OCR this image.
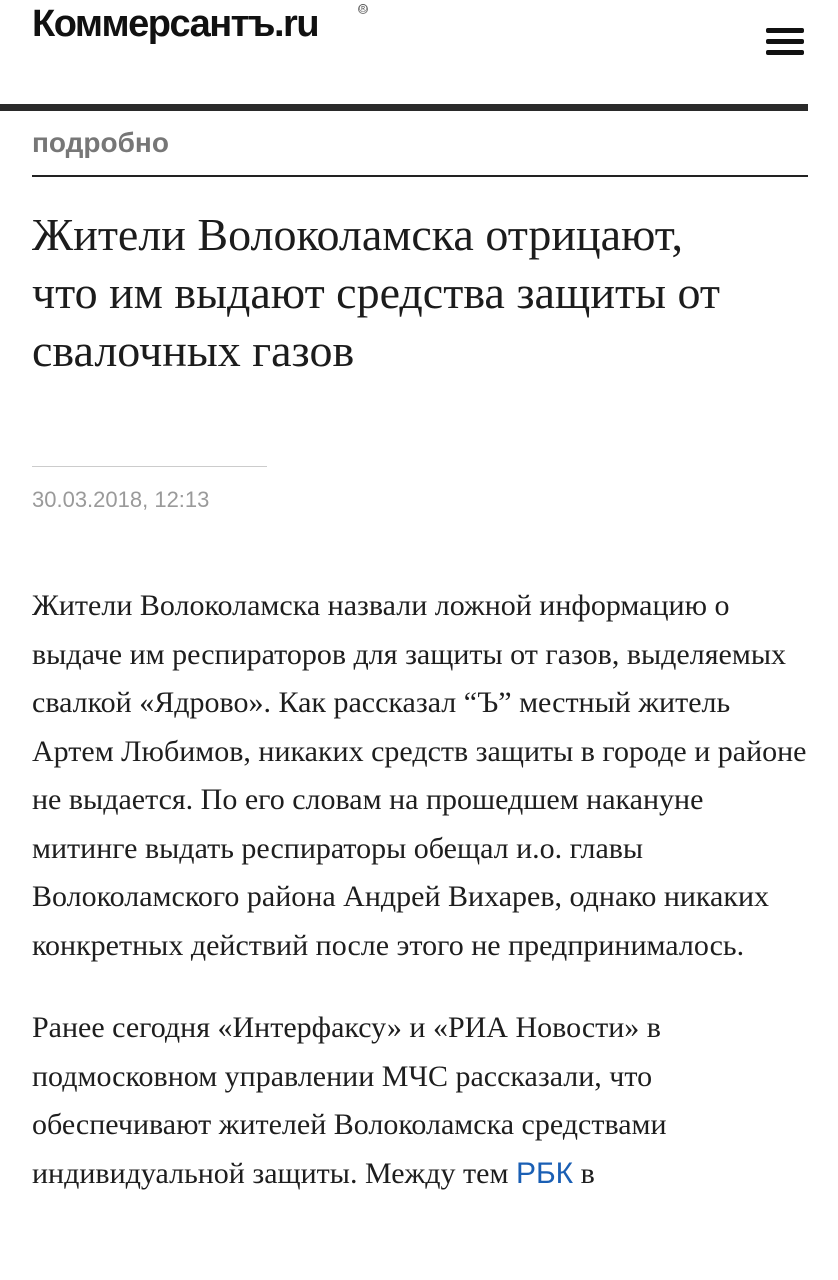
Коммерсантъ.ru	®
подробно
Жители Волоколамска отрицают, что им выдают средства защиты от свалочных газов
30.03.2018, 12:13

Жители Волоколамска назвали ложной информацию о выдаче им респираторов для защиты от газов, выделяемых свалкой «Ядрово». Как рассказал “Ъ” местный житель Артем Любимов, никаких средств защиты в городе и районе не выдается. По его словам на прошедшем накануне митинге выдать респираторы обещал и.о. главы Волоколамского района Андрей Вихарев, однако никаких конкретных действий после этого не предпринималось.

Ранее сегодня «Интерфаксу» и «РИА Новости» в подмосковном управлении МЧС рассказали, что обеспечивают жителей Волоколамска средствами индивидуальной защиты. Между тем РБК в
